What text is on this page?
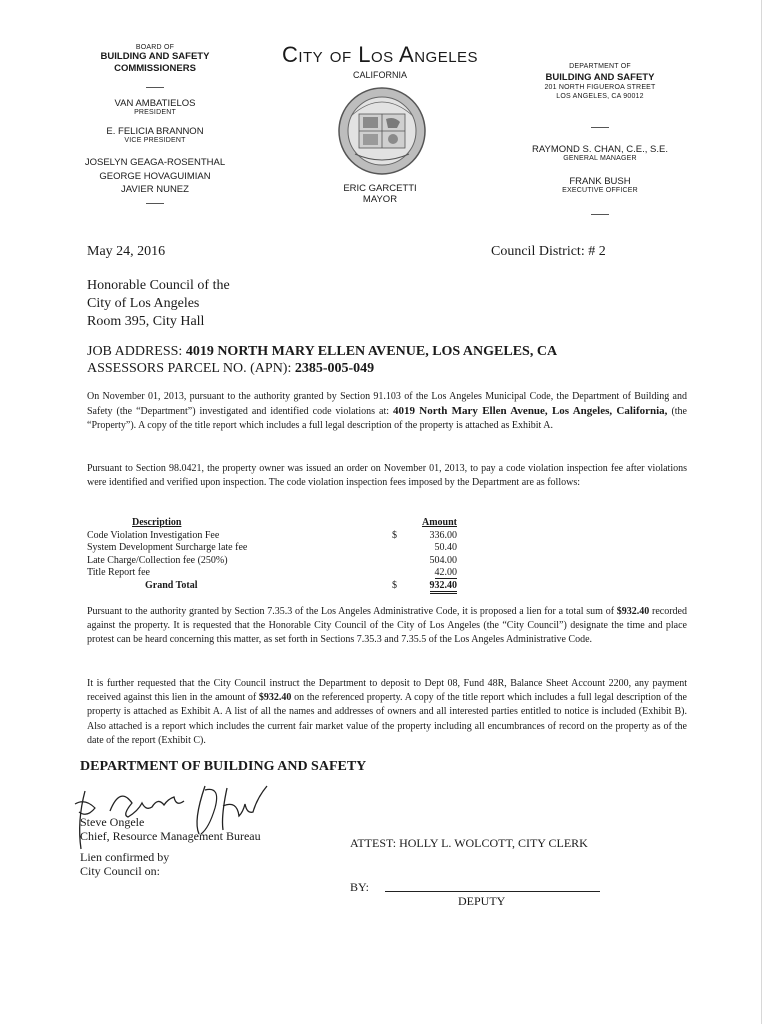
BOARD OF
BUILDING AND SAFETY
COMMISSIONERS
VAN AMBATIELOS
PRESIDENT
E. FELICIA BRANNON
VICE PRESIDENT
JOSELYN GEAGA-ROSENTHAL
GEORGE HOVAGUIMIAN
JAVIER NUNEZ
City of Los Angeles
CALIFORNIA
ERIC GARCETTI
MAYOR
DEPARTMENT OF
BUILDING AND SAFETY
201 NORTH FIGUEROA STREET
LOS ANGELES, CA 90012
RAYMOND S. CHAN, C.E., S.E.
GENERAL MANAGER
FRANK BUSH
EXECUTIVE OFFICER
May 24, 2016	Council District: # 2
Honorable Council of the
City of Los Angeles
Room 395, City Hall
JOB ADDRESS: 4019 NORTH MARY ELLEN AVENUE, LOS ANGELES, CA
ASSESSORS PARCEL NO. (APN): 2385-005-049
On November 01, 2013, pursuant to the authority granted by Section 91.103 of the Los Angeles Municipal Code, the Department of Building and Safety (the “Department”) investigated and identified code violations at: 4019 North Mary Ellen Avenue, Los Angeles, California, (the “Property”). A copy of the title report which includes a full legal description of the property is attached as Exhibit A.
Pursuant to Section 98.0421, the property owner was issued an order on November 01, 2013, to pay a code violation inspection fee after violations were identified and verified upon inspection. The code violation inspection fees imposed by the Department are as follows:
Description	Amount
Code Violation Investigation Fee	$	336.00
System Development Surcharge late fee	50.40
Late Charge/Collection fee (250%)	504.00
Title Report fee	42.00
Grand Total	$	932.40
Pursuant to the authority granted by Section 7.35.3 of the Los Angeles Administrative Code, it is proposed a lien for a total sum of $932.40 recorded against the property. It is requested that the Honorable City Council of the City of Los Angeles (the “City Council”) designate the time and place protest can be heard concerning this matter, as set forth in Sections 7.35.3 and 7.35.5 of the Los Angeles Administrative Code.
It is further requested that the City Council instruct the Department to deposit to Dept 08, Fund 48R, Balance Sheet Account 2200, any payment received against this lien in the amount of $932.40 on the referenced property. A copy of the title report which includes a full legal description of the property is attached as Exhibit A. A list of all the names and addresses of owners and all interested parties entitled to notice is included (Exhibit B). Also attached is a report which includes the current fair market value of the property including all encumbrances of record on the property as of the date of the report (Exhibit C).
DEPARTMENT OF BUILDING AND SAFETY
Steve Ongele
Chief, Resource Management Bureau	ATTEST: HOLLY L. WOLCOTT, CITY CLERK
Lien confirmed by
City Council on:
BY:
DEPUTY
